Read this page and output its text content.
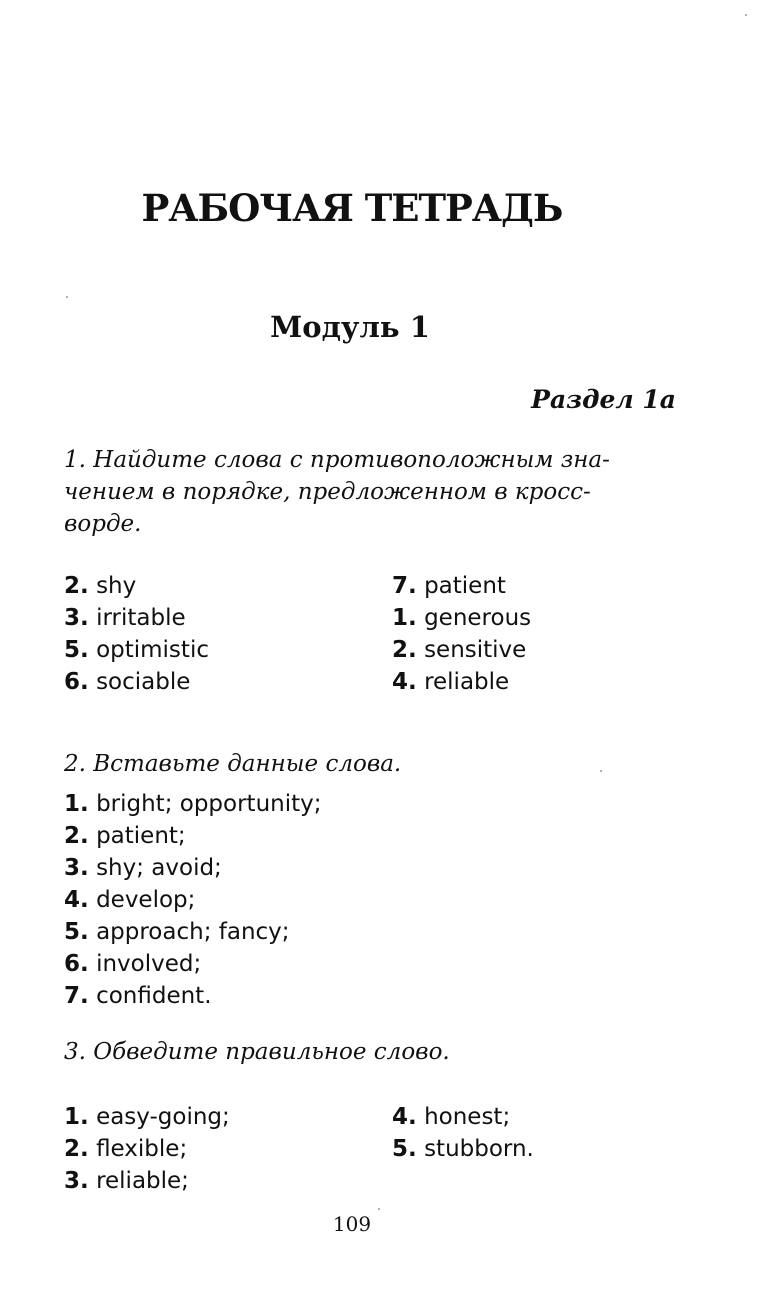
РАБОЧАЯ ТЕТРАДЬ
Модуль 1
Раздел 1а
1. Найдите слова с противоположным зна-
чением в порядке, предложенном в кросс-
ворде.
2. shy
3. irritable
5. optimistic
6. sociable
7. patient
1. generous
2. sensitive
4. reliable
2. Вставьте данные слова.
1. bright; opportunity;
2. patient;
3. shy; avoid;
4. develop;
5. approach; fancy;
6. involved;
7. confident.
3. Обведите правильное слово.
1. easy-going;
2. flexible;
3. reliable;
4. honest;
5. stubborn.
109
